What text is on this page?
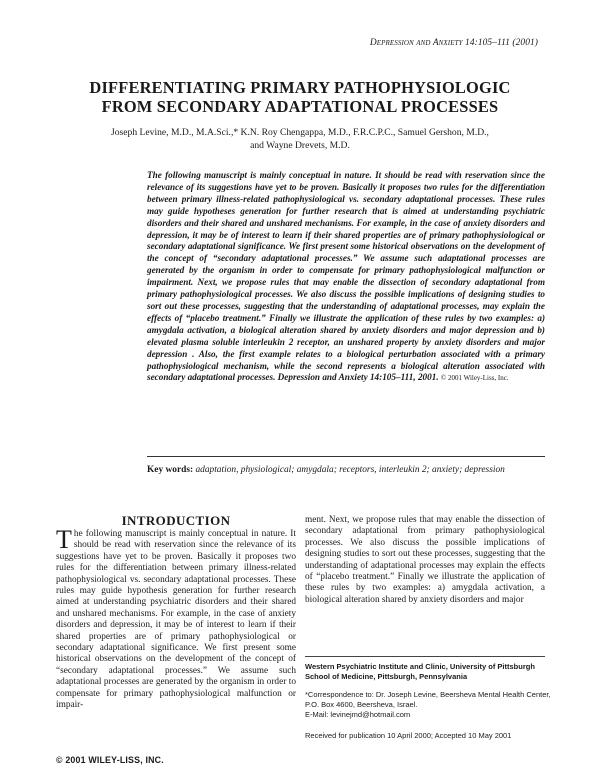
Depression and Anxiety 14:105–111 (2001)
DIFFERENTIATING PRIMARY PATHOPHYSIOLOGIC
FROM SECONDARY ADAPTATIONAL PROCESSES
Joseph Levine, M.D., M.A.Sci.,* K.N. Roy Chengappa, M.D., F.R.C.P.C., Samuel Gershon, M.D.,
and Wayne Drevets, M.D.
The following manuscript is mainly conceptual in nature. It should be read with reservation since the relevance of its suggestions have yet to be proven. Basically it proposes two rules for the differentiation between primary illness-related pathophysiological vs. secondary adaptational processes. These rules may guide hypotheses generation for further research that is aimed at understanding psychiatric disorders and their shared and unshared mechanisms. For example, in the case of anxiety disorders and depression, it may be of interest to learn if their shared properties are of primary pathophysiological or secondary adaptational significance. We first present some historical observations on the development of the concept of “secondary adaptational processes.” We assume such adaptational processes are generated by the organism in order to compensate for primary pathophysiological malfunction or impairment. Next, we propose rules that may enable the dissection of secondary adaptational from primary pathophysiological processes. We also discuss the possible implications of designing studies to sort out these processes, suggesting that the understanding of adaptational processes, may explain the effects of “placebo treatment.” Finally we illustrate the application of these rules by two examples: a) amygdala activation, a biological alteration shared by anxiety disorders and major depression and b) elevated plasma soluble interleukin 2 receptor, an unshared property by anxiety disorders and major depression . Also, the first example relates to a biological perturbation associated with a primary pathophysiological mechanism, while the second represents a biological alteration associated with secondary adaptational processes. Depression and Anxiety 14:105–111, 2001. © 2001 Wiley-Liss, Inc.
Key words: adaptation, physiological; amygdala; receptors, interleukin 2; anxiety; depression
INTRODUCTION
The following manuscript is mainly conceptual in nature. It should be read with reservation since the relevance of its suggestions have yet to be proven. Basically it proposes two rules for the differentiation between primary illness-related pathophysiological vs. secondary adaptational processes. These rules may guide hypothesis generation for further research aimed at understanding psychiatric disorders and their shared and unshared mechanisms. For example, in the case of anxiety disorders and depression, it may be of interest to learn if their shared properties are of primary pathophysiological or secondary adaptational significance. We first present some historical observations on the development of the concept of “secondary adaptational processes.” We assume such adaptational processes are generated by the organism in order to compensate for primary pathophysiological malfunction or impair-
ment. Next, we propose rules that may enable the dissection of secondary adaptational from primary pathophysiological processes. We also discuss the possible implications of designing studies to sort out these processes, suggesting that the understanding of adaptational processes may explain the effects of “placebo treatment.” Finally we illustrate the application of these rules by two examples: a) amygdala activation, a biological alteration shared by anxiety disorders and major
Western Psychiatric Institute and Clinic, University of Pittsburgh School of Medicine, Pittsburgh, Pennsylvania
*Correspondence to: Dr. Joseph Levine, Beersheva Mental Health Center, P.O. Box 4600, Beersheva, Israel.
E-Mail: levinejmd@hotmail.com
Received for publication 10 April 2000; Accepted 10 May 2001
© 2001 WILEY-LISS, INC.
